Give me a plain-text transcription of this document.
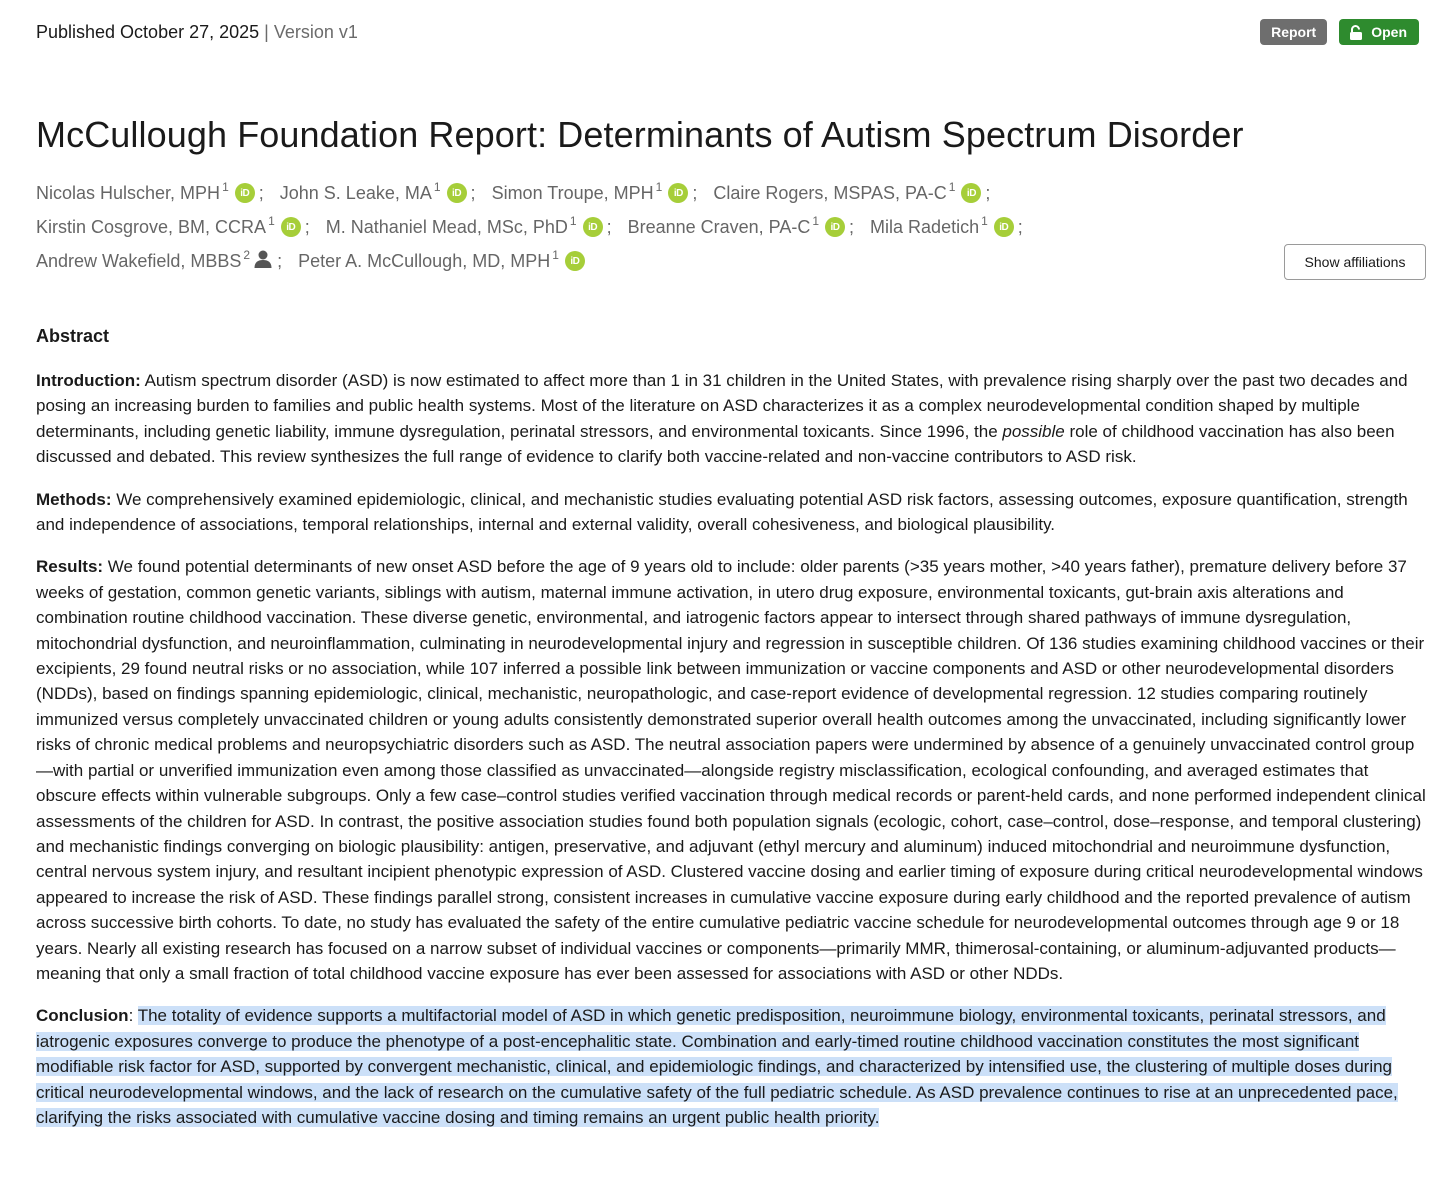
Published October 27, 2025 | Version v1	Report	Open
McCullough Foundation Report: Determinants of Autism Spectrum Disorder
Nicolas Hulscher, MPH$^1$	iD ; John S. Leake, $MA^1$	iD ; Simon Troupe, MPH$^1$	iD ; Claire Rogers, MSPAS, $PA-C^1$	iD ;
Kirstin Cosgrove, BM, CCRA$^1$	iD ; M. Nathaniel Mead, MSc, PhD$^1$	iD ; Breanne Craven, $PA-C^1$	iD ; Mila Radetich$^1$	iD ;
Andrew Wakefield, MBBS$^2$ ; Peter A. McCullough, MD, MPH$^1$	iD	Show affiliations
Abstract

Introduction: Autism spectrum disorder (ASD) is now estimated to affect more than 1 in 31 children in the United States, with prevalence rising sharply over the past two decades and posing an increasing burden to families and public health systems. Most of the literature on ASD characterizes it as a complex neurodevelopmental condition shaped by multiple determinants, including genetic liability, immune dysregulation, perinatal stressors, and environmental toxicants. Since 1996, the possible role of childhood vaccination has also been discussed and debated. This review synthesizes the full range of evidence to clarify both vaccine-related and non-vaccine contributors to ASD risk.

Methods: We comprehensively examined epidemiologic, clinical, and mechanistic studies evaluating potential ASD risk factors, assessing outcomes, exposure quantification, strength and independence of associations, temporal relationships, internal and external validity, overall cohesiveness, and biological plausibility.

Results: We found potential determinants of new onset ASD before the age of 9 years old to include: older parents (>35 years mother, >40 years father), premature delivery before 37 weeks of gestation, common genetic variants, siblings with autism, maternal immune activation, in utero drug exposure, environmental toxicants, gut-brain axis alterations and combination routine childhood vaccination. These diverse genetic, environmental, and iatrogenic factors appear to intersect through shared pathways of immune dysregulation, mitochondrial dysfunction, and neuroinflammation, culminating in neurodevelopmental injury and regression in susceptible children. Of 136 studies examining childhood vaccines or their excipients, 29 found neutral risks or no association, while 107 inferred a possible link between immunization or vaccine components and ASD or other neurodevelopmental disorders (NDDs), based on findings spanning epidemiologic, clinical, mechanistic, neuropathologic, and case-report evidence of developmental regression. 12 studies comparing routinely immunized versus completely unvaccinated children or young adults consistently demonstrated superior overall health outcomes among the unvaccinated, including significantly lower risks of chronic medical problems and neuropsychiatric disorders such as ASD. The neutral association papers were undermined by absence of a genuinely unvaccinated control group—with partial or unverified immunization even among those classified as unvaccinated—alongside registry misclassification, ecological confounding, and averaged estimates that obscure effects within vulnerable subgroups. Only a few case–control studies verified vaccination through medical records or parent-held cards, and none performed independent clinical assessments of the children for ASD. In contrast, the positive association studies found both population signals (ecologic, cohort, case–control, dose–response, and temporal clustering) and mechanistic findings converging on biologic plausibility: antigen, preservative, and adjuvant (ethyl mercury and aluminum) induced mitochondrial and neuroimmune dysfunction, central nervous system injury, and resultant incipient phenotypic expression of ASD. Clustered vaccine dosing and earlier timing of exposure during critical neurodevelopmental windows appeared to increase the risk of ASD. These findings parallel strong, consistent increases in cumulative vaccine exposure during early childhood and the reported prevalence of autism across successive birth cohorts. To date, no study has evaluated the safety of the entire cumulative pediatric vaccine schedule for neurodevelopmental outcomes through age 9 or 18 years. Nearly all existing research has focused on a narrow subset of individual vaccines or components—primarily MMR, thimerosal-containing, or aluminum-adjuvanted products—meaning that only a small fraction of total childhood vaccine exposure has ever been assessed for associations with ASD or other NDDs.

Conclusion: The totality of evidence supports a multifactorial model of ASD in which genetic predisposition, neuroimmune biology, environmental toxicants, perinatal stressors, and iatrogenic exposures converge to produce the phenotype of a post-encephalitic state. Combination and early-timed routine childhood vaccination constitutes the most significant modifiable risk factor for ASD, supported by convergent mechanistic, clinical, and epidemiologic findings, and characterized by intensified use, the clustering of multiple doses during critical neurodevelopmental windows, and the lack of research on the cumulative safety of the full pediatric schedule. As ASD prevalence continues to rise at an unprecedented pace, clarifying the risks associated with cumulative vaccine dosing and timing remains an urgent public health priority.
